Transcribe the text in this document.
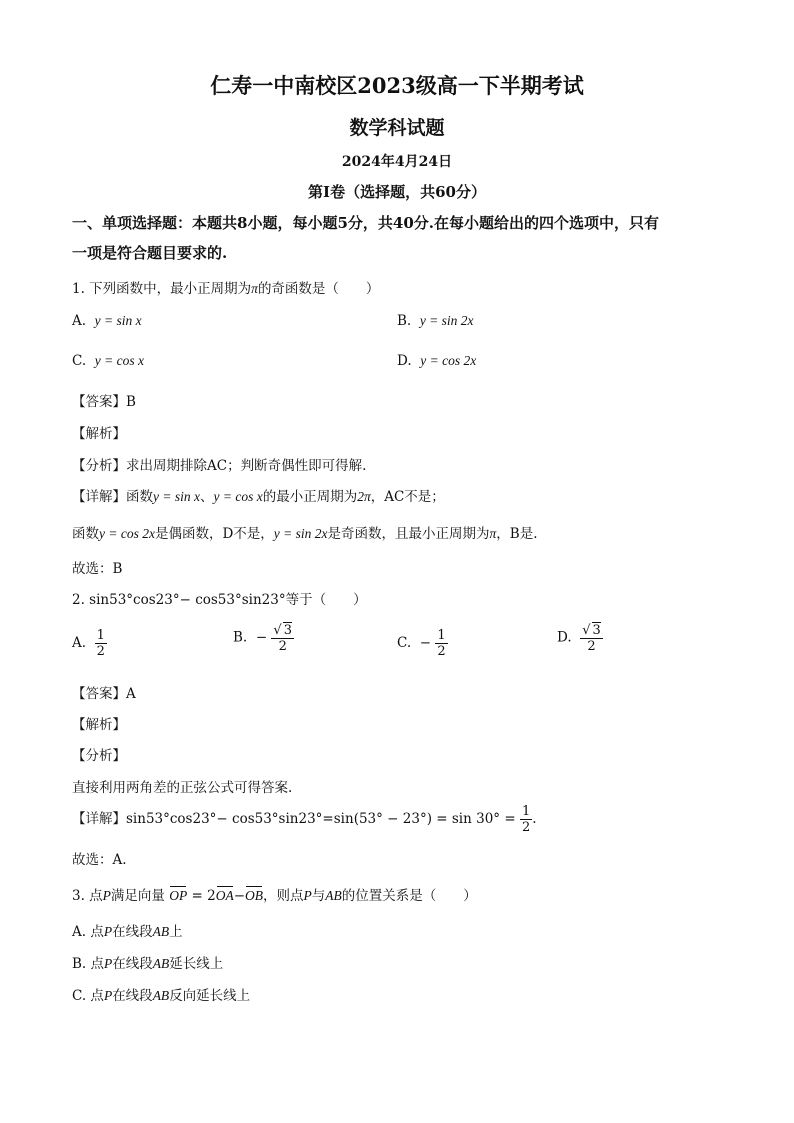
仁寿一中南校区2023级高一下半期考试
数学科试题
2024年4月24日
第I卷（选择题，共60分）
一、单项选择题：本题共8小题，每小题5分，共40分.在每小题给出的四个选项中，只有
一项是符合题目要求的.
1. 下列函数中，最小正周期为π的奇函数是（　　）
A. y = sin x	B. y = sin 2x
C. y = cos x	D. y = cos 2x
【答案】B
【解析】
【分析】求出周期排除AC；判断奇偶性即可得解.
【详解】函数y = sin x、y = cos x的最小正周期为2π，AC不是；
函数y = cos 2x是偶函数，D不是，y = sin 2x是奇函数，且最小正周期为π，B是.
故选：B
2. sin53°cos23°− cos53°sin23°等于（　　）
A. $\frac{1}{2}$	B. − $\frac{√ 3}{2}$	C. − $\frac{1}{2}$	D. $\frac{√ 3}{2}$
【答案】A
【解析】
【分析】
直接利用两角差的正弦公式可得答案.
【详解】$\sin 53^\circ\cos 23^\circ- \cos 53^\circ\sin 23^\circ=\sin(53^\circ - 23^\circ) = \sin 30^\circ = \frac{1}{2}$ .
故选：A.
3. 点P满足向量 OP = 2OA−OB，则点P与AB的位置关系是（　　）
A. 点P在线段AB上
B. 点P在线段AB延长线上
C. 点P在线段AB反向延长线上
